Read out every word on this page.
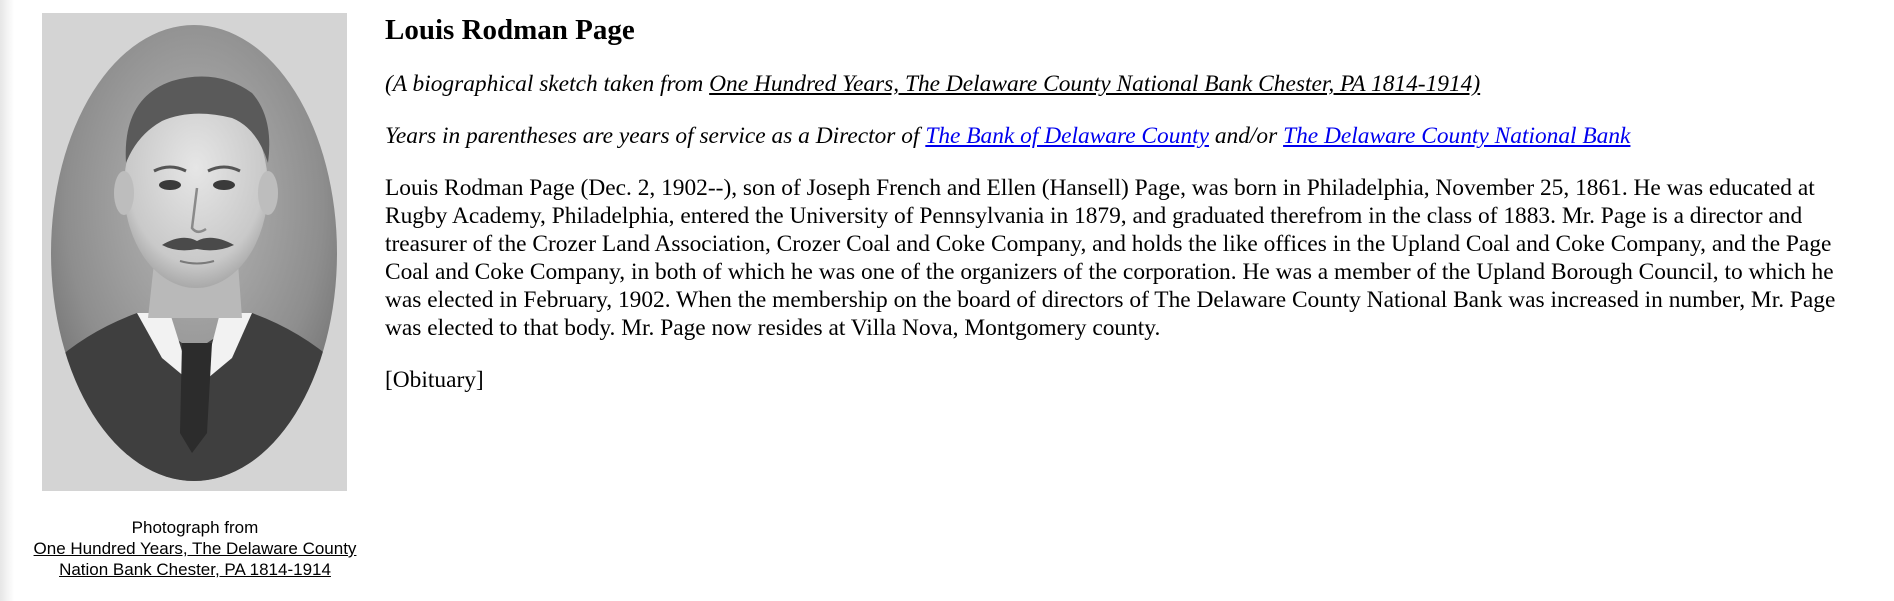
Photograph from
One Hundred Years, The Delaware County Nation Bank Chester, PA 1814-1914
Louis Rodman Page

(A biographical sketch taken from One Hundred Years, The Delaware County National Bank Chester, PA 1814-1914)

Years in parentheses are years of service as a Director of The Bank of Delaware County and/or The Delaware County National Bank

Louis Rodman Page (Dec. 2, 1902--), son of Joseph French and Ellen (Hansell) Page, was born in Philadelphia, November 25, 1861. He was educated at Rugby Academy, Philadelphia, entered the University of Pennsylvania in 1879, and graduated therefrom in the class of 1883. Mr. Page is a director and treasurer of the Crozer Land Association, Crozer Coal and Coke Company, and holds the like offices in the Upland Coal and Coke Company, and the Page Coal and Coke Company, in both of which he was one of the organizers of the corporation. He was a member of the Upland Borough Council, to which he was elected in February, 1902. When the membership on the board of directors of The Delaware County National Bank was increased in number, Mr. Page was elected to that body. Mr. Page now resides at Villa Nova, Montgomery county.

[Obituary]
